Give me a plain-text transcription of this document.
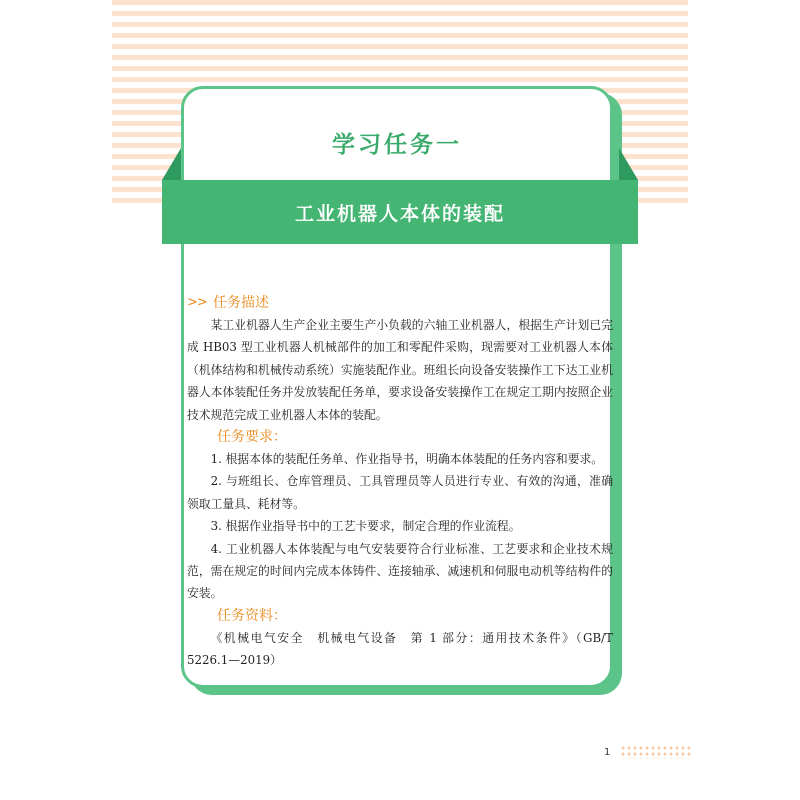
学习任务一
工业机器人本体的装配
>> 任务描述

某工业机器人生产企业主要生产小负载的六轴工业机器人，根据生产计划已完成 HB03 型工业机器人机械部件的加工和零配件采购，现需要对工业机器人本体（机体结构和机械传动系统）实施装配作业。班组长向设备安装操作工下达工业机器人本体装配任务并发放装配任务单，要求设备安装操作工在规定工期内按照企业技术规范完成工业机器人本体的装配。

任务要求：

1. 根据本体的装配任务单、作业指导书，明确本体装配的任务内容和要求。

2. 与班组长、仓库管理员、工具管理员等人员进行专业、有效的沟通，准确领取工量具、耗材等。

3. 根据作业指导书中的工艺卡要求，制定合理的作业流程。

4. 工业机器人本体装配与电气安装要符合行业标准、工艺要求和企业技术规范，需在规定的时间内完成本体铸件、连接轴承、减速机和伺服电动机等结构件的安装。

任务资料：

《机械电气安全　机械电气设备　第 1 部分：通用技术条件》（GB/T 5226.1—2019）

1
